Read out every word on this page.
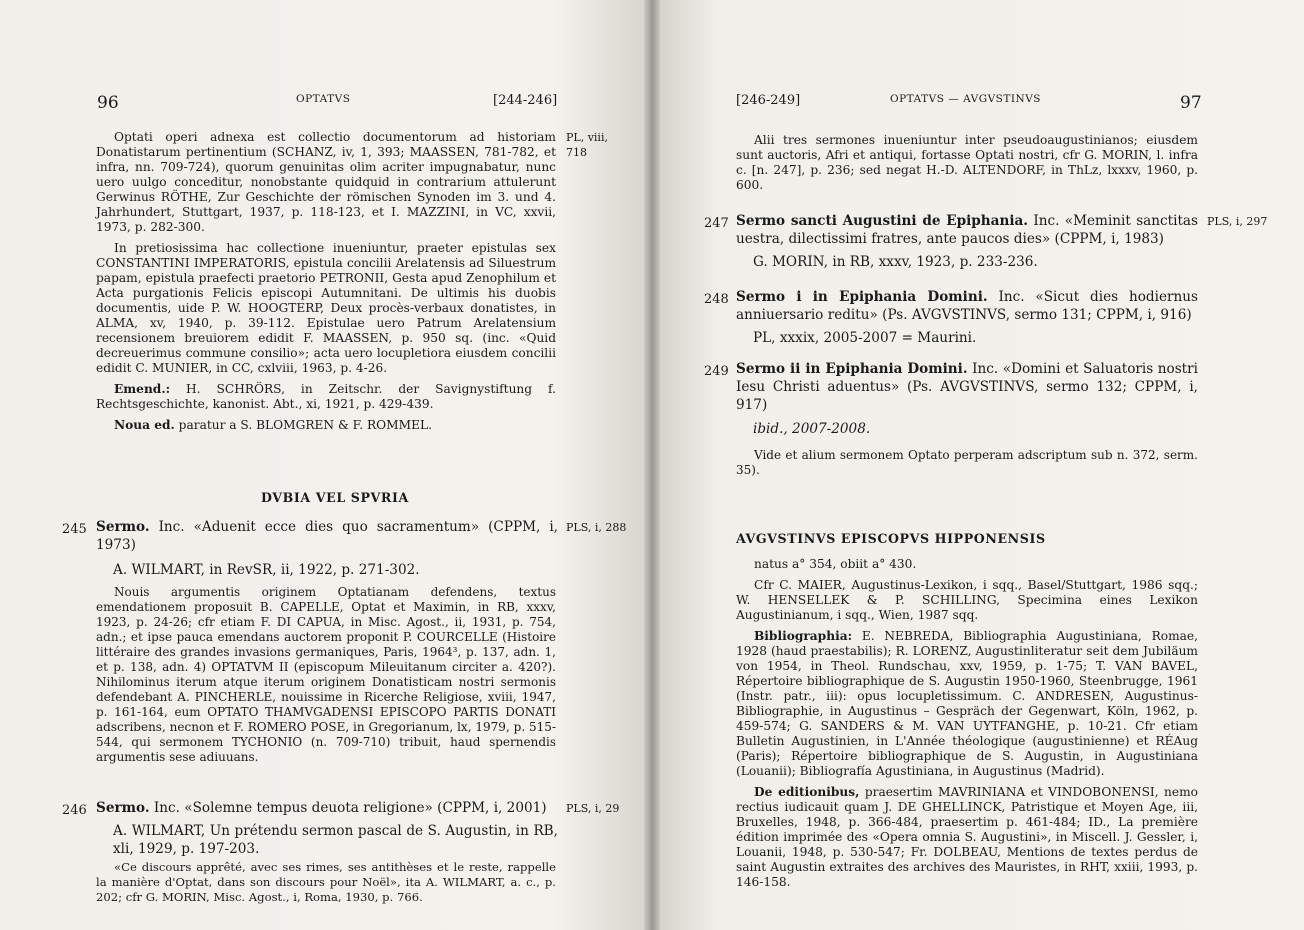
96	OPTATVS	[244-246]
PL, viii, 718

Optati operi adnexa est collectio documentorum ad historiam Donatistarum pertinentium (SCHANZ, iv, 1, 393; MAASSEN, 781-782, et infra, nn. 709-724), quorum genuinitas olim acriter impugnabatur, nunc uero uulgo conceditur, nonobstante quidquid in contrarium attulerunt Gerwinus RÖTHE, Zur Geschichte der römischen Synoden im 3. und 4. Jahrhundert, Stuttgart, 1937, p. 118-123, et I. MAZZINI, in VC, xxvii, 1973, p. 282-300.

In pretiosissima hac collectione inueniuntur, praeter epistulas sex CONSTANTINI IMPERATORIS, epistula concilii Arelatensis ad Siluestrum papam, epistula praefecti praetorio PETRONII, Gesta apud Zenophilum et Acta purgationis Felicis episcopi Autumnitani. De ultimis his duobis documentis, uide P. W. HOOGTERP, Deux procès-verbaux donatistes, in ALMA, xv, 1940, p. 39-112. Epistulae uero Patrum Arelatensium recensionem breuiorem edidit F. MAASSEN, p. 950 sq. (inc. «Quid decreuerimus commune consilio»; acta uero locupletiora eiusdem concilii edidit C. MUNIER, in CC, cxlviii, 1963, p. 4-26.

Emend.: H. SCHRÖRS, in Zeitschr. der Savignystiftung f. Rechtsgeschichte, kanonist. Abt., xi, 1921, p. 429-439.

Noua ed. paratur a S. BLOMGREN & F. ROMMEL.

DVBIA VEL SPVRIA
245 Sermo. Inc. «Aduenit ecce dies quo sacramentum» (CPPM, i, 1973)
PLS, i, 288
A. WILMART, in RevSR, ii, 1922, p. 271-302.
Nouis argumentis originem Optatianam defendens, textus emendationem proposuit B. CAPELLE, Optat et Maximin, in RB, xxxv, 1923, p. 24-26; cfr etiam F. DI CAPUA, in Misc. Agost., ii, 1931, p. 754, adn.; et ipse pauca emendans auctorem proponit P. COURCELLE (Histoire littéraire des grandes invasions germaniques, Paris, 1964³, p. 137, adn. 1, et p. 138, adn. 4) OPTATVM II (episcopum Mileuitanum circiter a. 420?). Nihilominus iterum atque iterum originem Donatisticam nostri sermonis defendebant A. PINCHERLE, nouissime in Ricerche Religiose, xviii, 1947, p. 161-164, eum OPTATO THAMVGADENSI EPISCOPO PARTIS DONATI adscribens, necnon et F. ROMERO POSE, in Gregorianum, lx, 1979, p. 515-544, qui sermonem TYCHONIO (n. 709-710) tribuit, haud spernendis argumentis sese adiuuans.
246 Sermo. Inc. «Solemne tempus deuota religione» (CPPM, i, 2001)	PLS, i, 29
A. WILMART, Un prétendu sermon pascal de S. Augustin, in RB, xli, 1929, p. 197-203.
«Ce discours apprêté, avec ses rimes, ses antithèses et le reste, rappelle la manière d'Optat, dans son discours pour Noël», ita A. WILMART, a. c., p. 202; cfr G. MORIN, Misc. Agost., i, Roma, 1930, p. 766.
[246-249]	OPTATVS — AVGVSTINVS	97
Alii tres sermones inueniuntur inter pseudoaugustinianos; eiusdem sunt auctoris, Afri et antiqui, fortasse Optati nostri, cfr G. MORIN, l. infra c. [n. 247], p. 236; sed negat H.-D. ALTENDORF, in ThLz, lxxxv, 1960, p. 600.
247 Sermo sancti Augustini de Epiphania. Inc. «Meminit sanctitas uestra, dilectissimi fratres, ante paucos dies» (CPPM, i, 1983)
PLS, i, 297
G. MORIN, in RB, xxxv, 1923, p. 233-236.
248 Sermo i in Epiphania Domini. Inc. «Sicut dies hodiernus anniuersario reditu» (Ps. AVGVSTINVS, sermo 131; CPPM, i, 916)
PL, xxxix, 2005-2007 = Maurini.
249 Sermo ii in Epiphania Domini. Inc. «Domini et Saluatoris nostri Iesu Christi aduentus» (Ps. AVGVSTINVS, sermo 132; CPPM, i, 917)
ibid., 2007-2008.
Vide et alium sermonem Optato perperam adscriptum sub n. 372, serm. 35).
AVGVSTINVS EPISCOPVS HIPPONENSIS

natus a° 354, obiit a° 430.

Cfr C. MAIER, Augustinus-Lexikon, i sqq., Basel/Stuttgart, 1986 sqq.; W. HENSELLEK & P. SCHILLING, Specimina eines Lexikon Augustinianum, i sqq., Wien, 1987 sqq.

Bibliographia: E. NEBREDA, Bibliographia Augustiniana, Romae, 1928 (haud praestabilis); R. LORENZ, Augustinliteratur seit dem Jubiläum von 1954, in Theol. Rundschau, xxv, 1959, p. 1-75; T. VAN BAVEL, Répertoire bibliographique de S. Augustin 1950-1960, Steenbrugge, 1961 (Instr. patr., iii): opus locupletissimum. C. ANDRESEN, Augustinus-Bibliographie, in Augustinus – Gespräch der Gegenwart, Köln, 1962, p. 459-574; G. SANDERS & M. VAN UYTFANGHE, p. 10-21. Cfr etiam Bulletin Augustinien, in L'Année théologique (augustinienne) et RÉAug (Paris); Répertoire bibliographique de S. Augustin, in Augustiniana (Louanii); Bibliografía Agustiniana, in Augustinus (Madrid).

De editionibus, praesertim MAVRINIANA et VINDOBONENSI, nemo rectius iudicauit quam J. DE GHELLINCK, Patristique et Moyen Age, iii, Bruxelles, 1948, p. 366-484, praesertim p. 461-484; ID., La première édition imprimée des «Opera omnia S. Augustini», in Miscell. J. Gessler, i, Louanii, 1948, p. 530-547; Fr. DOLBEAU, Mentions de textes perdus de saint Augustin extraites des archives des Mauristes, in RHT, xxiii, 1993, p. 146-158.
